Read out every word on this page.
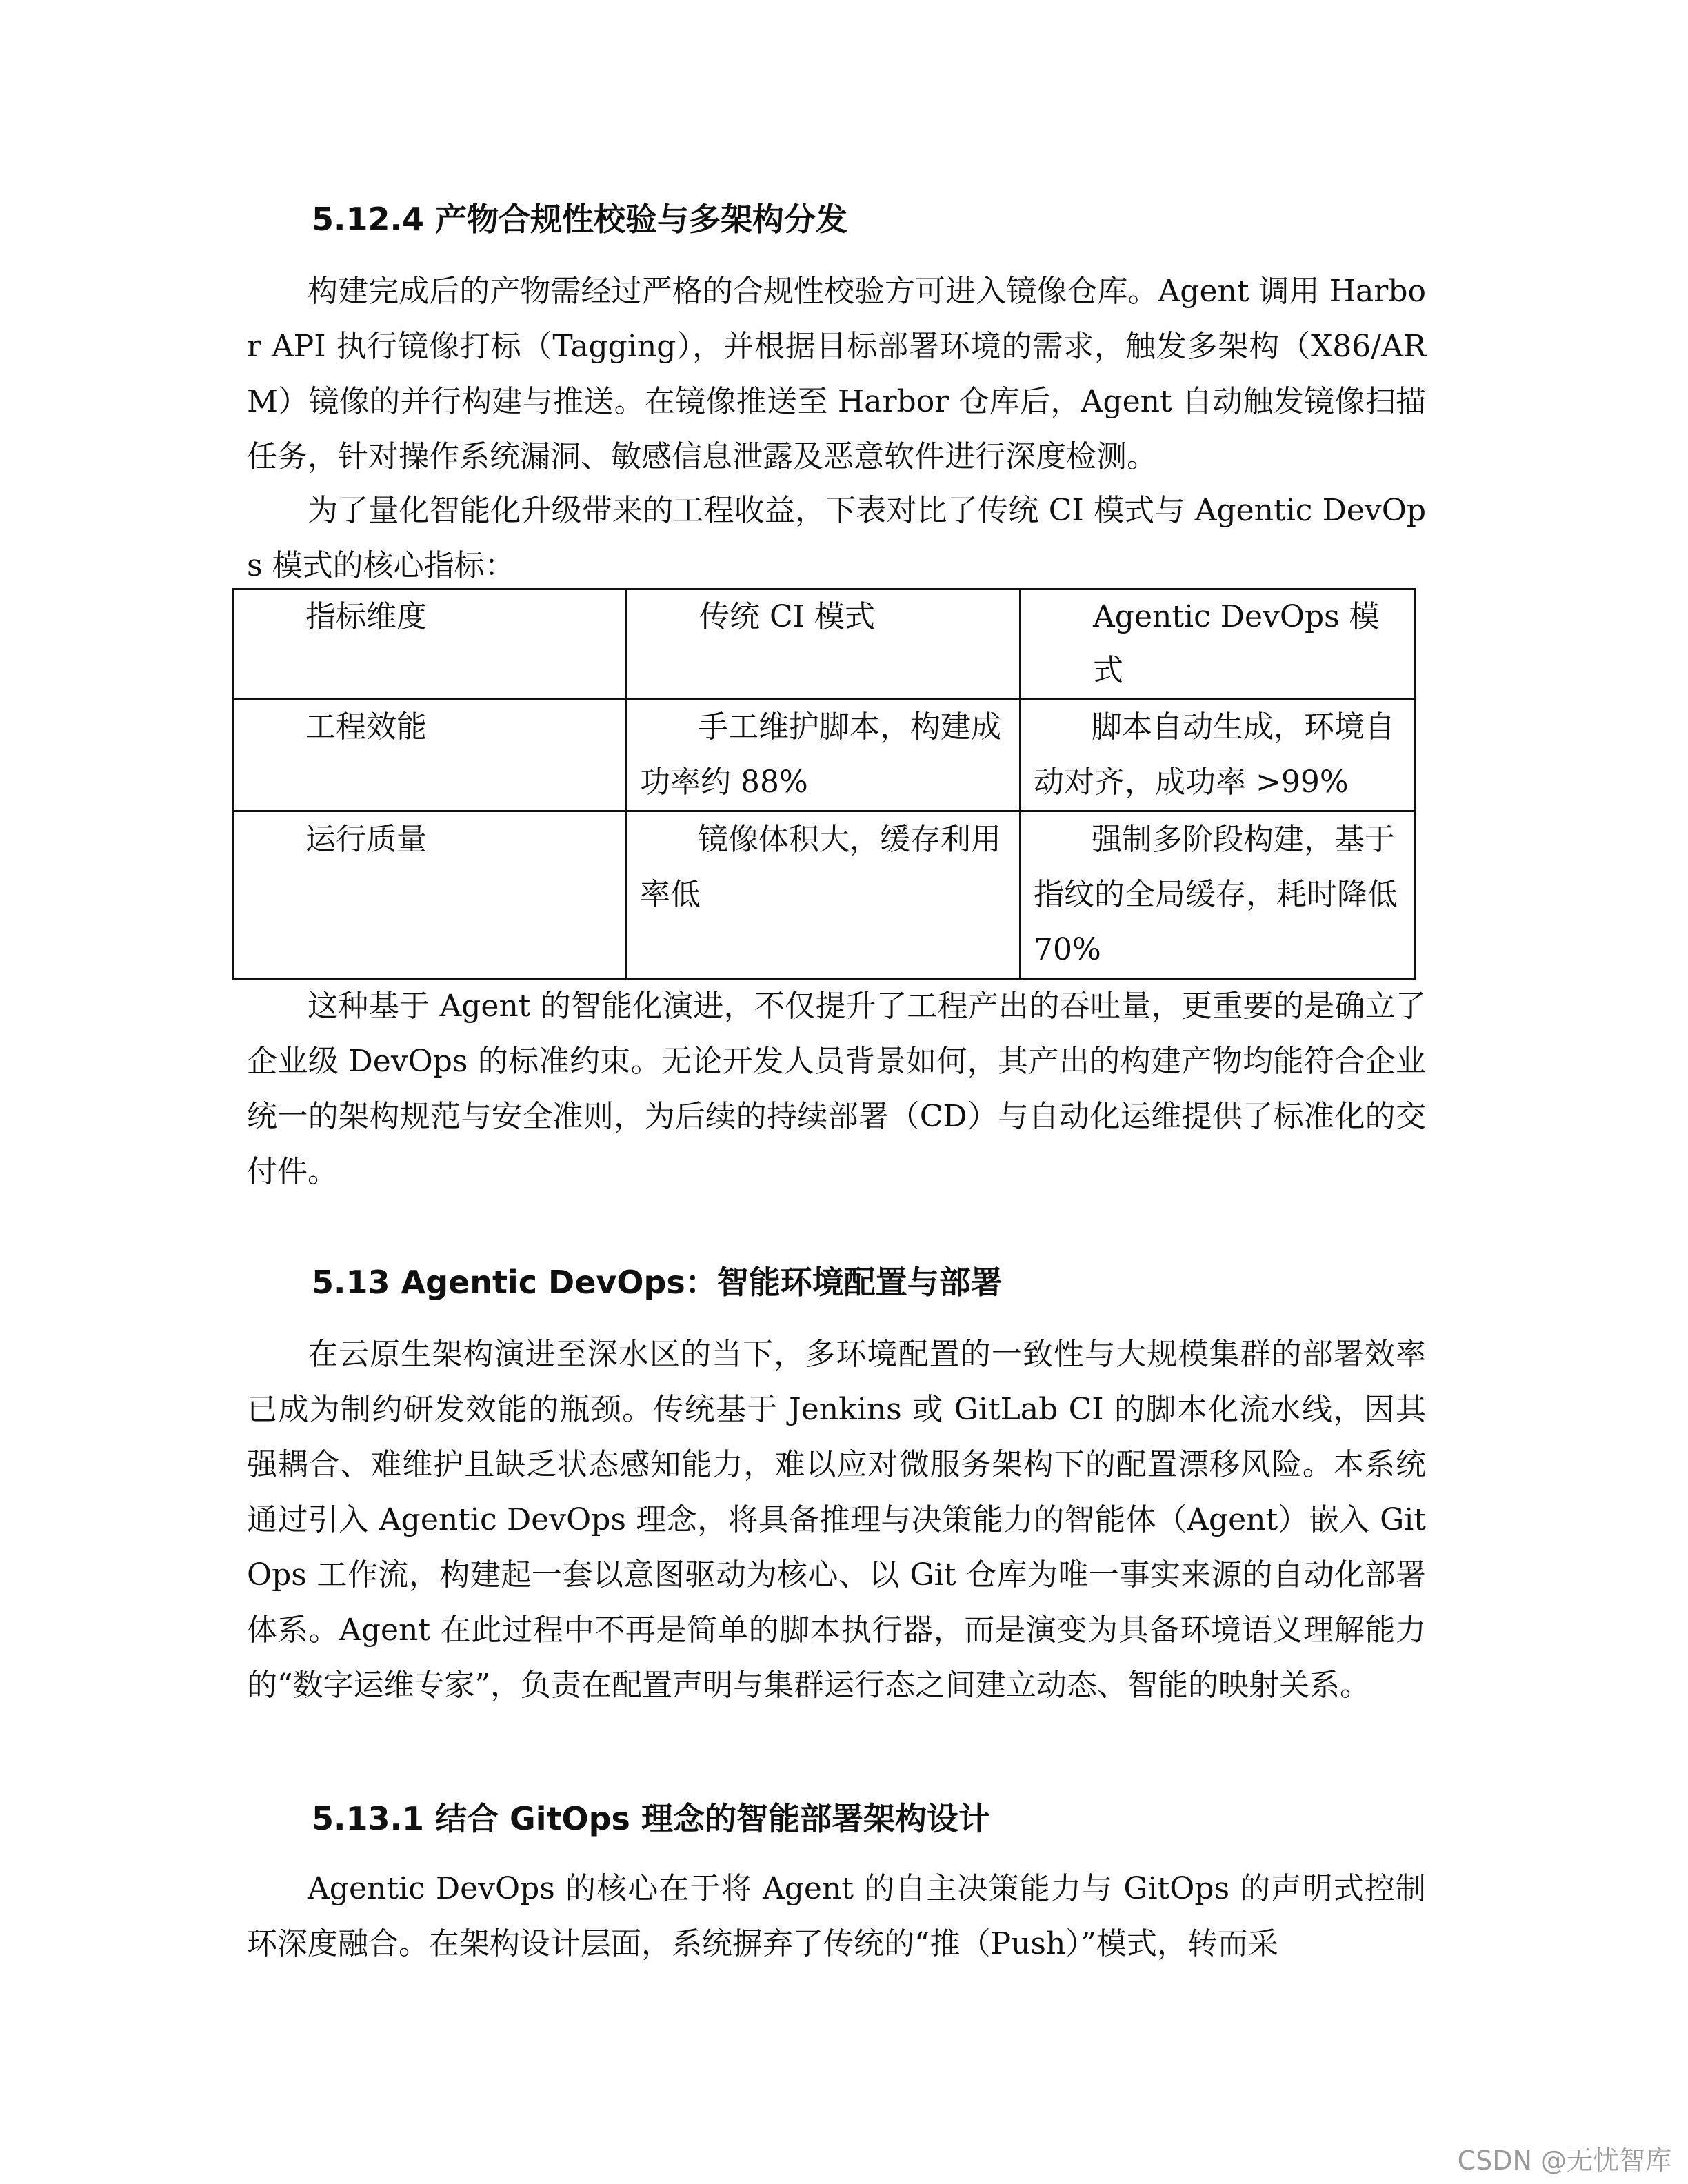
5.12.4 产物合规性校验与多架构分发

构建完成后的产物需经过严格的合规性校验方可进入镜像仓库。Agent 调用 Harbor API 执行镜像打标（Tagging），并根据目标部署环境的需求，触发多架构（X86/ARM）镜像的并行构建与推送。在镜像推送至 Harbor 仓库后，Agent 自动触发镜像扫描任务，针对操作系统漏洞、敏感信息泄露及恶意软件进行深度检测。

为了量化智能化升级带来的工程收益，下表对比了传统 CI 模式与 Agentic DevOps 模式的核心指标：

指标维度	传统 CI 模式	Agentic DevOps 模式
工程效能	手工维护脚本，构建成功率约 88%	脚本自动生成，环境自动对齐，成功率 >99%
运行质量	镜像体积大，缓存利用率低	强制多阶段构建，基于指纹的全局缓存，耗时降低 70%

这种基于 Agent 的智能化演进，不仅提升了工程产出的吞吐量，更重要的是确立了企业级 DevOps 的标准约束。无论开发人员背景如何，其产出的构建产物均能符合企业统一的架构规范与安全准则，为后续的持续部署（CD）与自动化运维提供了标准化的交付件。

5.13 Agentic DevOps：智能环境配置与部署

在云原生架构演进至深水区的当下，多环境配置的一致性与大规模集群的部署效率已成为制约研发效能的瓶颈。传统基于 Jenkins 或 GitLab CI 的脚本化流水线，因其强耦合、难维护且缺乏状态感知能力，难以应对微服务架构下的配置漂移风险。本系统通过引入 Agentic DevOps 理念，将具备推理与决策能力的智能体（Agent）嵌入 GitOps 工作流，构建起一套以意图驱动为核心、以 Git 仓库为唯一事实来源的自动化部署体系。Agent 在此过程中不再是简单的脚本执行器，而是演变为具备环境语义理解能力的“数字运维专家”，负责在配置声明与集群运行态之间建立动态、智能的映射关系。

5.13.1 结合 GitOps 理念的智能部署架构设计

Agentic DevOps 的核心在于将 Agent 的自主决策能力与 GitOps 的声明式控制环深度融合。在架构设计层面，系统摒弃了传统的“推（Push）”模式，转而采

CSDN @无忧智库
